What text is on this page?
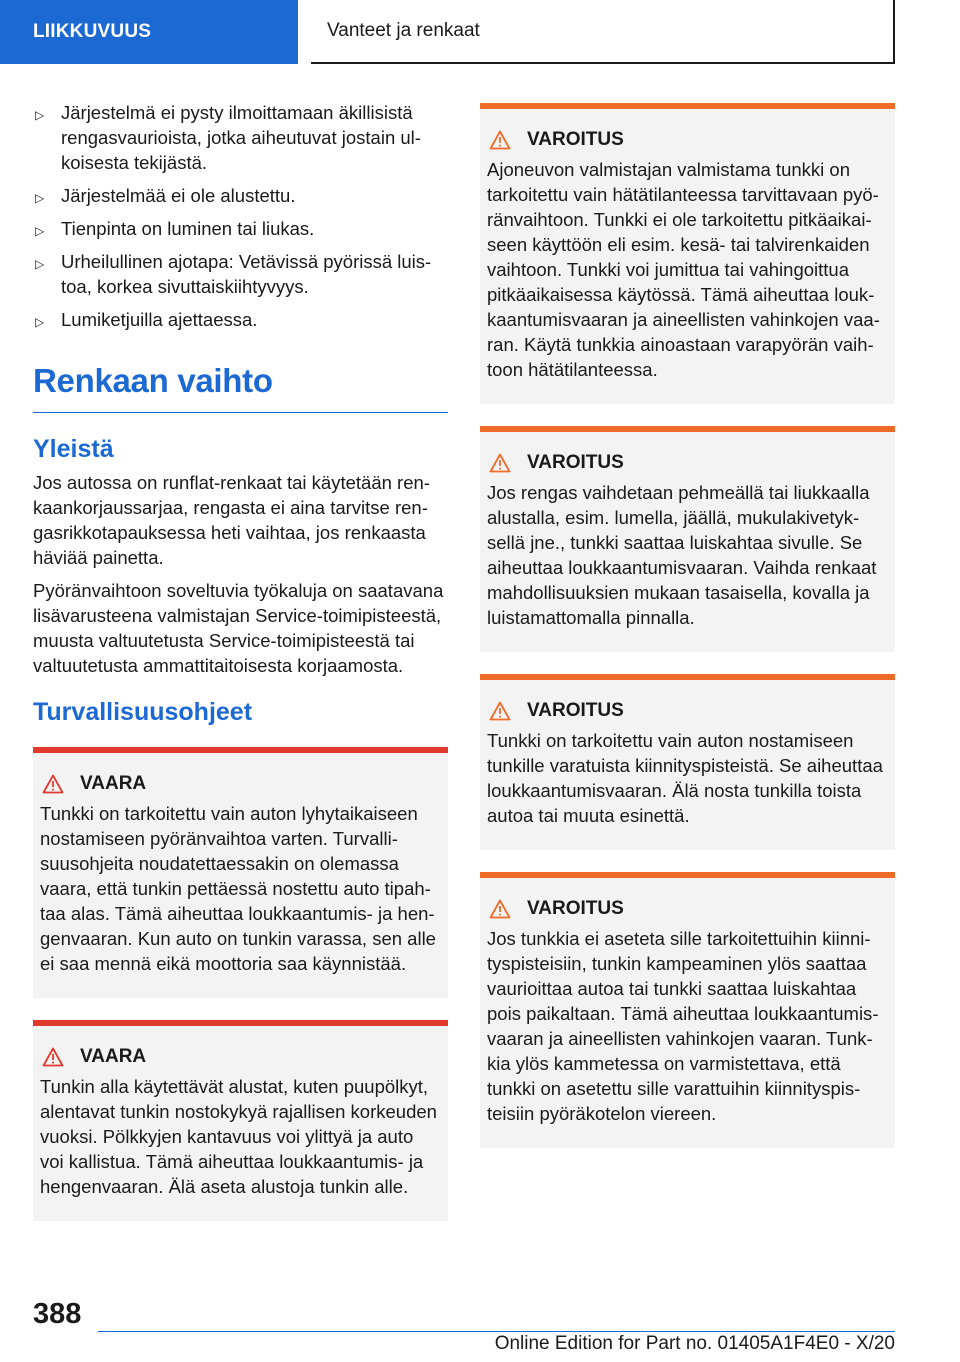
LIIKKUVUUS	Vanteet ja renkaat
▷ Järjestelmä ei pysty ilmoittamaan äkillisistä rengasvaurioista, jotka aiheutuvat jostain ulkoisesta tekijästä.
▷ Järjestelmää ei ole alustettu.
▷ Tienpinta on luminen tai liukas.
▷ Urheilullinen ajotapa: Vetävissä pyörissä luistoa, korkea sivuttaiskiihtyvyys.
▷ Lumiketjuilla ajettaessa.
Renkaan vaihto
Yleistä

Jos autossa on runflat-renkaat tai käytetään renkaankorjaussarjaa, rengasta ei aina tarvitse rengasrikkotapauksessa heti vaihtaa, jos renkaasta häviää painetta.

Pyöränvaihtoon soveltuvia työkaluja on saatavana lisävarusteena valmistajan Service-toimipisteestä, muusta valtuutetusta Service-toimipisteestä tai valtuutetusta ammattitaitoisesta korjaamosta.

Turvallisuusohjeet
VAARA

Tunkki on tarkoitettu vain auton lyhytaikaiseen nostamiseen pyöränvaihtoa varten. Turvallisuusohjeita noudatettaessakin on olemassa vaara, että tunkin pettäessä nostettu auto tipahtaa alas. Tämä aiheuttaa loukkaantumis- ja hengenvaaran. Kun auto on tunkin varassa, sen alle ei saa mennä eikä moottoria saa käynnistää.

VAARA

Tunkin alla käytettävät alustat, kuten puupölkyt, alentavat tunkin nostokykyä rajallisen korkeuden vuoksi. Pölkkyjen kantavuus voi ylittyä ja auto voi kallistua. Tämä aiheuttaa loukkaantumis- ja hengenvaaran. Älä aseta alustoja tunkin alle.

VAROITUS

Ajoneuvon valmistajan valmistama tunkki on tarkoitettu vain hätätilanteessa tarvittavaan pyöränvaihtoon. Tunkki ei ole tarkoitettu pitkäaikaiseen käyttöön eli esim. kesä- tai talvirenkaiden vaihtoon. Tunkki voi jumittua tai vahingoittua pitkäaikaisessa käytössä. Tämä aiheuttaa loukkaantumisvaaran ja aineellisten vahinkojen vaaran. Käytä tunkkia ainoastaan varapyörän vaihtoon hätätilanteessa.

VAROITUS

Jos rengas vaihdetaan pehmeällä tai liukkaalla alustalla, esim. lumella, jäällä, mukulakivetyksellä jne., tunkki saattaa luiskahtaa sivulle. Se aiheuttaa loukkaantumisvaaran. Vaihda renkaat mahdollisuuksien mukaan tasaisella, kovalla ja luistamattomalla pinnalla.

VAROITUS

Tunkki on tarkoitettu vain auton nostamiseen tunkille varatuista kiinnityspisteistä. Se aiheuttaa loukkaantumisvaaran. Älä nosta tunkilla toista autoa tai muuta esinettä.

VAROITUS

Jos tunkkia ei aseteta sille tarkoitettuihin kiinnityspisteisiin, tunkin kampeaminen ylös saattaa vaurioittaa autoa tai tunkki saattaa luiskahtaa pois paikaltaan. Tämä aiheuttaa loukkaantumisvaaran ja aineellisten vahinkojen vaaran. Tunkkia ylös kammetessa on varmistettava, että tunkki on asetettu sille varattuihin kiinnityspisteisiin pyöräkotelon viereen.

388
Online Edition for Part no. 01405A1F4E0 - X/20
